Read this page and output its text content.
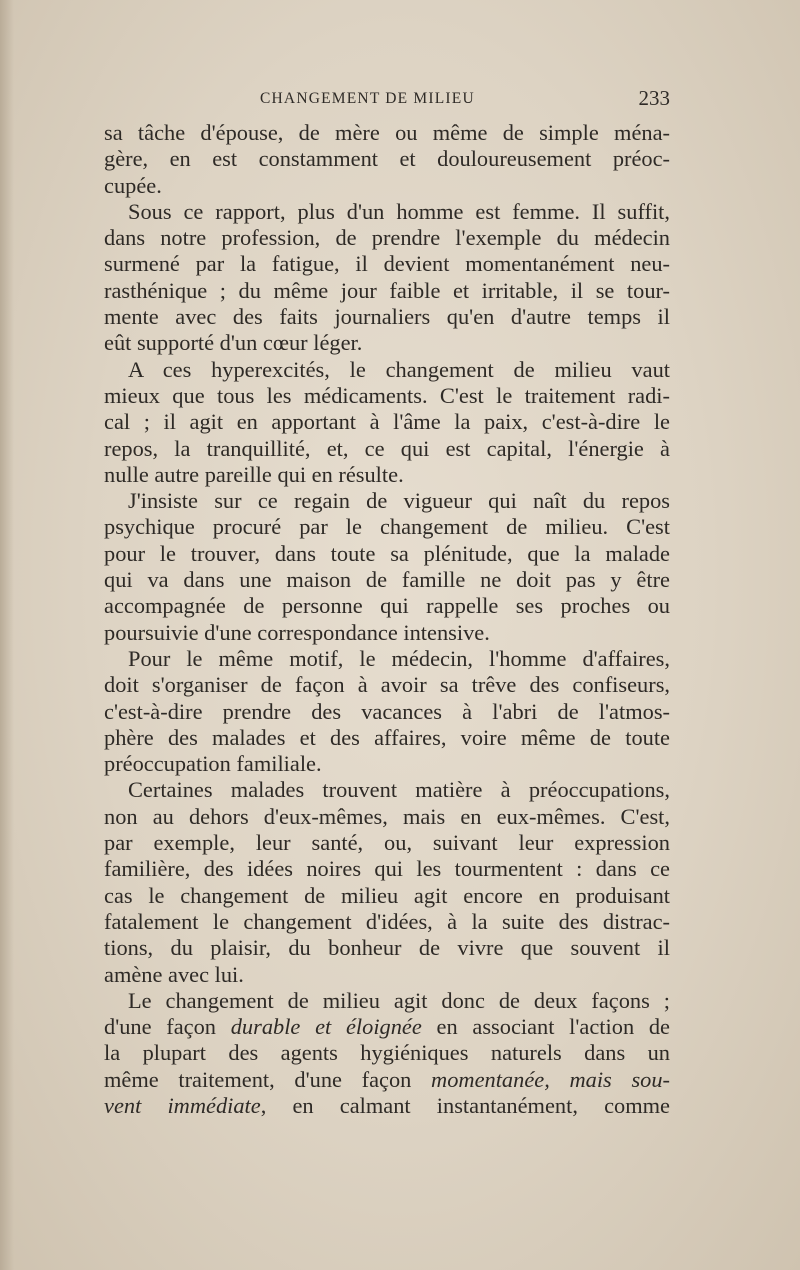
CHANGEMENT DE MILIEU	233
sa tâche d'épouse, de mère ou même de simple ména-
gère, en est constamment et douloureusement préoc-
cupée.
Sous ce rapport, plus d'un homme est femme. Il suffit,
dans notre profession, de prendre l'exemple du médecin
surmené par la fatigue, il devient momentanément neu-
rasthénique ; du même jour faible et irritable, il se tour-
mente avec des faits journaliers qu'en d'autre temps il
eût supporté d'un cœur léger.
A ces hyperexcités, le changement de milieu vaut
mieux que tous les médicaments. C'est le traitement radi-
cal ; il agit en apportant à l'âme la paix, c'est-à-dire le
repos, la tranquillité, et, ce qui est capital, l'énergie à
nulle autre pareille qui en résulte.
J'insiste sur ce regain de vigueur qui naît du repos
psychique procuré par le changement de milieu. C'est
pour le trouver, dans toute sa plénitude, que la malade
qui va dans une maison de famille ne doit pas y être
accompagnée de personne qui rappelle ses proches ou
poursuivie d'une correspondance intensive.
Pour le même motif, le médecin, l'homme d'affaires,
doit s'organiser de façon à avoir sa trêve des confiseurs,
c'est-à-dire prendre des vacances à l'abri de l'atmos-
phère des malades et des affaires, voire même de toute
préoccupation familiale.
Certaines malades trouvent matière à préoccupations,
non au dehors d'eux-mêmes, mais en eux-mêmes. C'est,
par exemple, leur santé, ou, suivant leur expression
familière, des idées noires qui les tourmentent : dans ce
cas le changement de milieu agit encore en produisant
fatalement le changement d'idées, à la suite des distrac-
tions, du plaisir, du bonheur de vivre que souvent il
amène avec lui.
Le changement de milieu agit donc de deux façons ;
d'une façon durable et éloignée en associant l'action de
la plupart des agents hygiéniques naturels dans un
même traitement, d'une façon momentanée, mais sou-
vent immédiate, en calmant instantanément, comme
